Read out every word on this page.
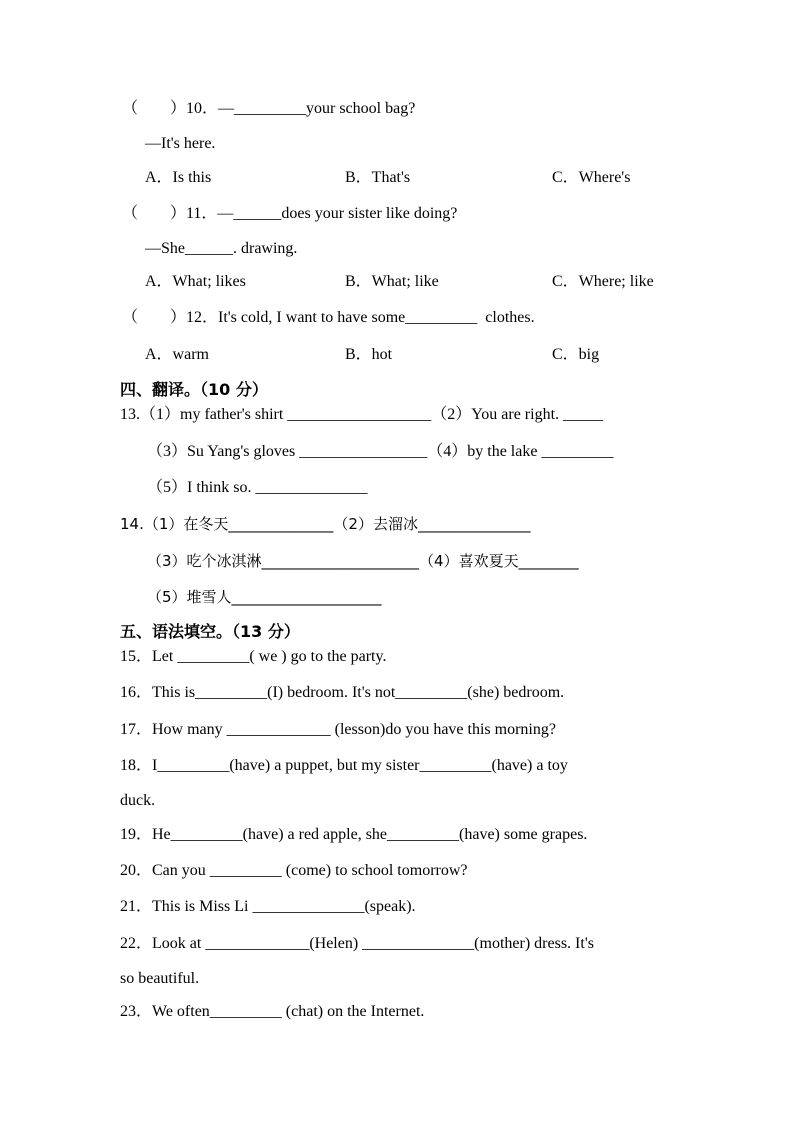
（　　）10．—_________your school bag?
—It's here.
A．Is this	B．That's	C．Where's
（　　）11．—______does your sister like doing?
—She______. drawing.
A．What; likes	B．What; like	C．Where; like
（　　）12．It's cold, I want to have some_________  clothes.
A．warm	B．hot	C．big
四、翻译。（10 分）
13.（1）my father's shirt __________________（2）You are right. _____
（3）Su Yang's gloves ________________（4）by the lake _________
（5）I think so. ______________
14.（1）在冬天______________（2）去溜冰_______________
（3）吃个冰淇淋_____________________（4）喜欢夏天________
（5）堆雪人____________________
五、语法填空。（13 分）
15．Let _________( we ) go to the party.
16．This is_________(I) bedroom. It's not_________(she) bedroom.
17．How many _____________ (lesson)do you have this morning?
18．I_________(have) a puppet, but my sister_________(have) a toy
duck.
19．He_________(have) a red apple, she_________(have) some grapes.
20．Can you _________ (come) to school tomorrow?
21．This is Miss Li ______________(speak).
22．Look at _____________(Helen) ______________(mother) dress. It's
so beautiful.
23．We often_________ (chat) on the Internet.
